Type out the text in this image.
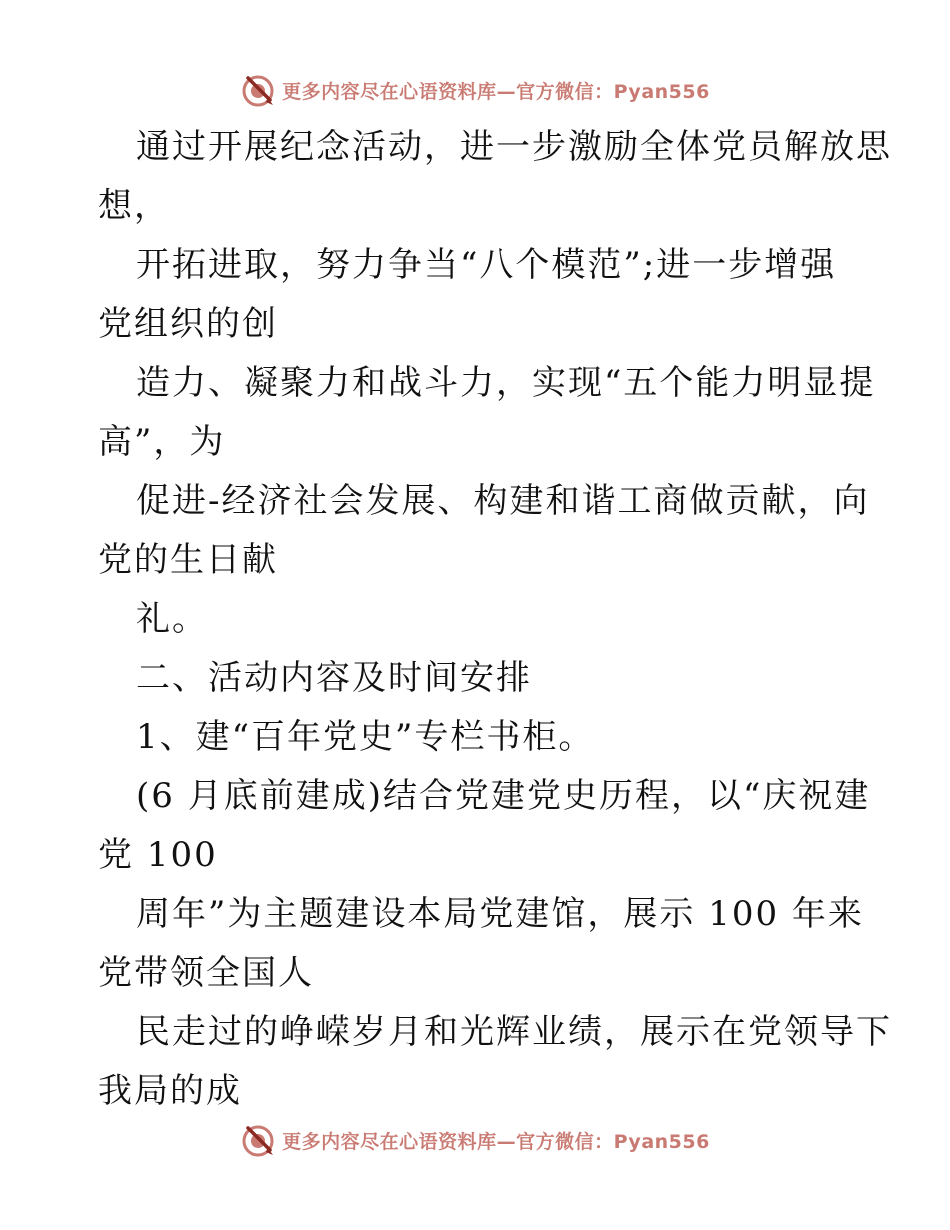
更多内容尽在心语资料库—官方微信：Pyan556
通过开展纪念活动，进一步激励全体党员解放思
想，
开拓进取，努力争当“八个模范”;进一步增强
党组织的创
造力、凝聚力和战斗力，实现“五个能力明显提
高”，为
促进-经济社会发展、构建和谐工商做贡献，向
党的生日献
礼。
二、活动内容及时间安排
1、建“百年党史”专栏书柜。
(6 月底前建成)结合党建党史历程，以“庆祝建
党 100
周年”为主题建设本局党建馆，展示 100 年来
党带领全国人
民走过的峥嵘岁月和光辉业绩，展示在党领导下
我局的成
更多内容尽在心语资料库—官方微信：Pyan556
